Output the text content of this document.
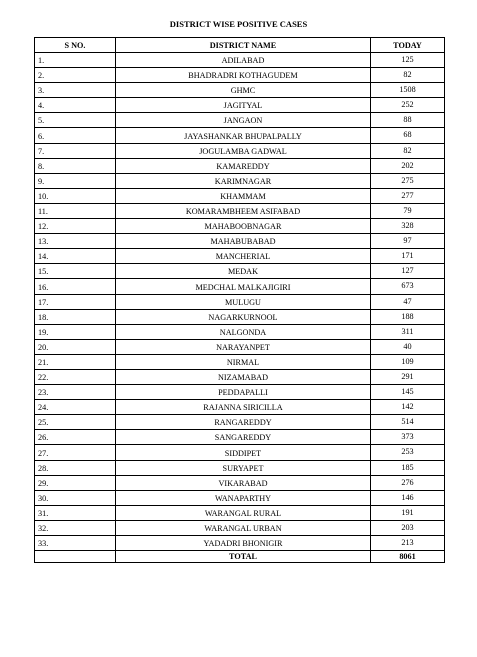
DISTRICT WISE POSITIVE CASES
S NO.	DISTRICT NAME	TODAY
1.	ADILABAD	125
2.	BHADRADRI KOTHAGUDEM	82
3.	GHMC	1508
4.	JAGITYAL	252
5.	JANGAON	88
6.	JAYASHANKAR BHUPALPALLY	68
7.	JOGULAMBA GADWAL	82
8.	KAMAREDDY	202
9.	KARIMNAGAR	275
10.	KHAMMAM	277
11.	KOMARAMBHEEM ASIFABAD	79
12.	MAHABOOBNAGAR	328
13.	MAHABUBABAD	97
14.	MANCHERIAL	171
15.	MEDAK	127
16.	MEDCHAL MALKAJIGIRI	673
17.	MULUGU	47
18.	NAGARKURNOOL	188
19.	NALGONDA	311
20.	NARAYANPET	40
21.	NIRMAL	109
22.	NIZAMABAD	291
23.	PEDDAPALLI	145
24.	RAJANNA SIRICILLA	142
25.	RANGAREDDY	514
26.	SANGAREDDY	373
27.	SIDDIPET	253
28.	SURYAPET	185
29.	VIKARABAD	276
30.	WANAPARTHY	146
31.	WARANGAL RURAL	191
32.	WARANGAL URBAN	203
33.	YADADRI BHONIGIR	213
	TOTAL	8061
